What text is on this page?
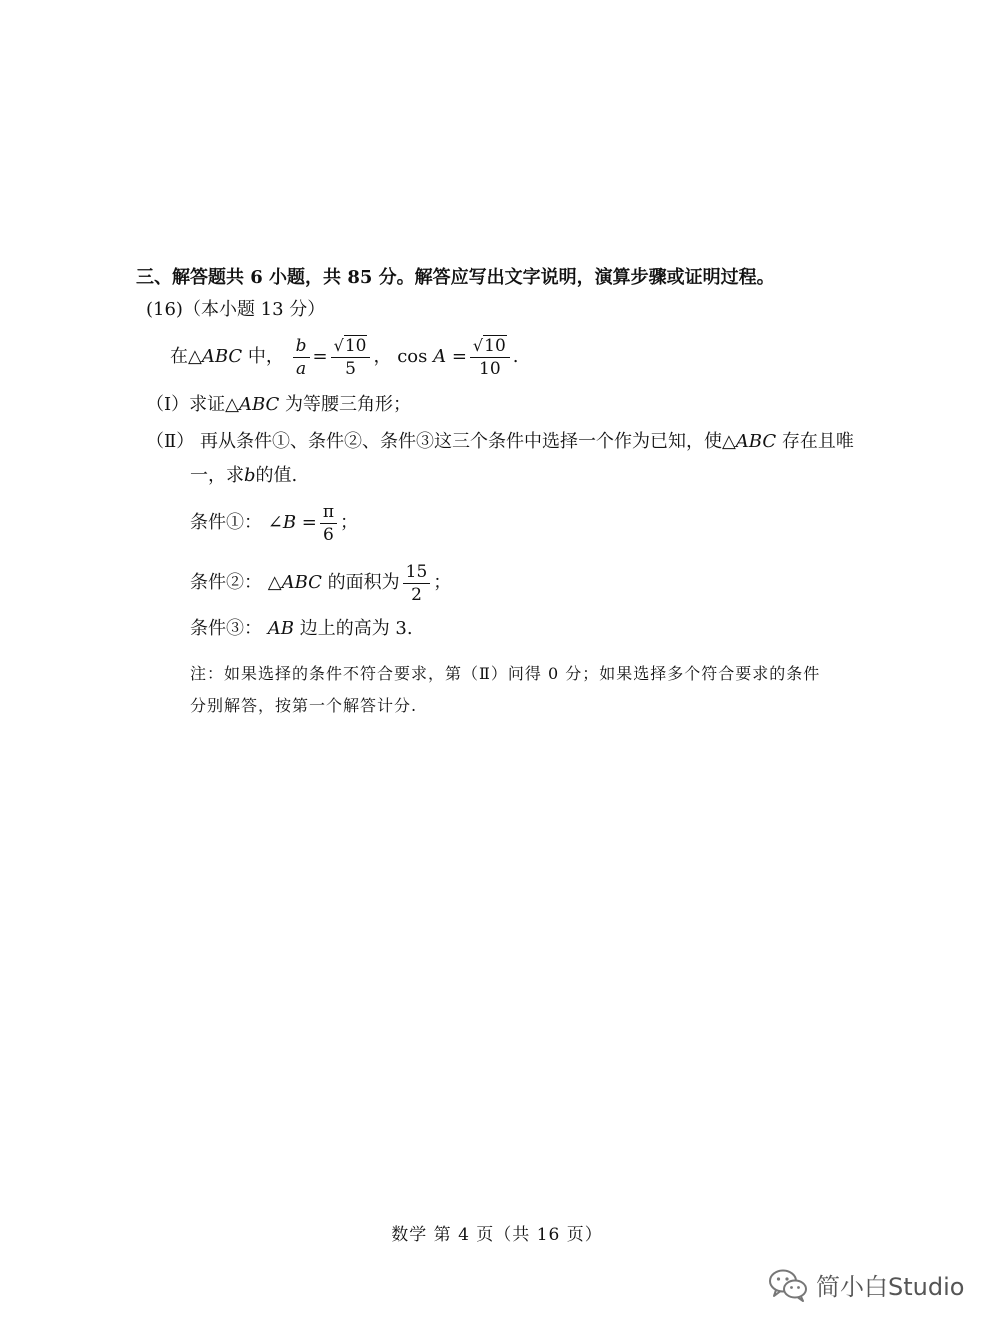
三、解答题共 6 小题，共 85 分。解答应写出文字说明，演算步骤或证明过程。
(16)（本小题 13 分）
在△ABC 中， $\frac{b}{a} = \frac{√10}{5}$ ， $\cos A = \frac{√10}{10}$ .
（Ⅰ）求证△ABC 为等腰三角形；
（Ⅱ） 再从条件①、条件②、条件③这三个条件中选择一个作为已知，使△ABC 存在且唯
一，求b的值.
条件①： ∠B = $\frac{\pi}{6}$ ；
条件②： △ABC 的面积为 $\frac{15}{2}$ ；
条件③： AB 边上的高为 3.
注：如果选择的条件不符合要求，第（Ⅱ）问得 0 分；如果选择多个符合要求的条件
分别解答，按第一个解答计分.
数学 第 4 页（共 16 页）
简小白Studio
